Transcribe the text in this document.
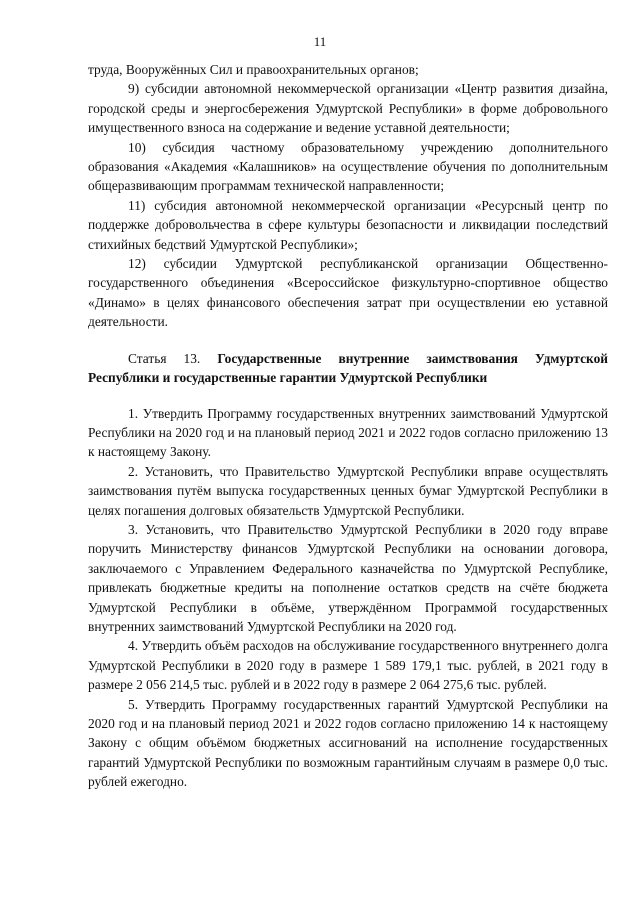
11

труда, Вооружённых Сил и правоохранительных органов;

9) субсидии автономной некоммерческой организации «Центр развития дизайна, городской среды и энергосбережения Удмуртской Республики» в форме добровольного имущественного взноса на содержание и ведение уставной деятельности;

10) субсидия частному образовательному учреждению дополнительного образования «Академия «Калашников» на осуществление обучения по дополнительным общеразвивающим программам технической направленности;

11) субсидия автономной некоммерческой организации «Ресурсный центр по поддержке добровольчества в сфере культуры безопасности и ликвидации последствий стихийных бедствий Удмуртской Республики»;

12) субсидии Удмуртской республиканской организации Общественно-государственного объединения «Всероссийское физкультурно-спортивное общество «Динамо» в целях финансового обеспечения затрат при осуществлении ею уставной деятельности.

Статья 13. Государственные внутренние заимствования Удмуртской Республики и государственные гарантии Удмуртской Республики

1. Утвердить Программу государственных внутренних заимствований Удмуртской Республики на 2020 год и на плановый период 2021 и 2022 годов согласно приложению 13 к настоящему Закону.

2. Установить, что Правительство Удмуртской Республики вправе осуществлять заимствования путём выпуска государственных ценных бумаг Удмуртской Республики в целях погашения долговых обязательств Удмуртской Республики.

3. Установить, что Правительство Удмуртской Республики в 2020 году вправе поручить Министерству финансов Удмуртской Республики на основании договора, заключаемого с Управлением Федерального казначейства по Удмуртской Республике, привлекать бюджетные кредиты на пополнение остатков средств на счёте бюджета Удмуртской Республики в объёме, утверждённом Программой государственных внутренних заимствований Удмуртской Республики на 2020 год.

4. Утвердить объём расходов на обслуживание государственного внутреннего долга Удмуртской Республики в 2020 году в размере 1 589 179,1 тыс. рублей, в 2021 году в размере 2 056 214,5 тыс. рублей и в 2022 году в размере 2 064 275,6 тыс. рублей.

5. Утвердить Программу государственных гарантий Удмуртской Республики на 2020 год и на плановый период 2021 и 2022 годов согласно приложению 14 к настоящему Закону с общим объёмом бюджетных ассигнований на исполнение государственных гарантий Удмуртской Республики по возможным гарантийным случаям в размере 0,0 тыс. рублей ежегодно.
